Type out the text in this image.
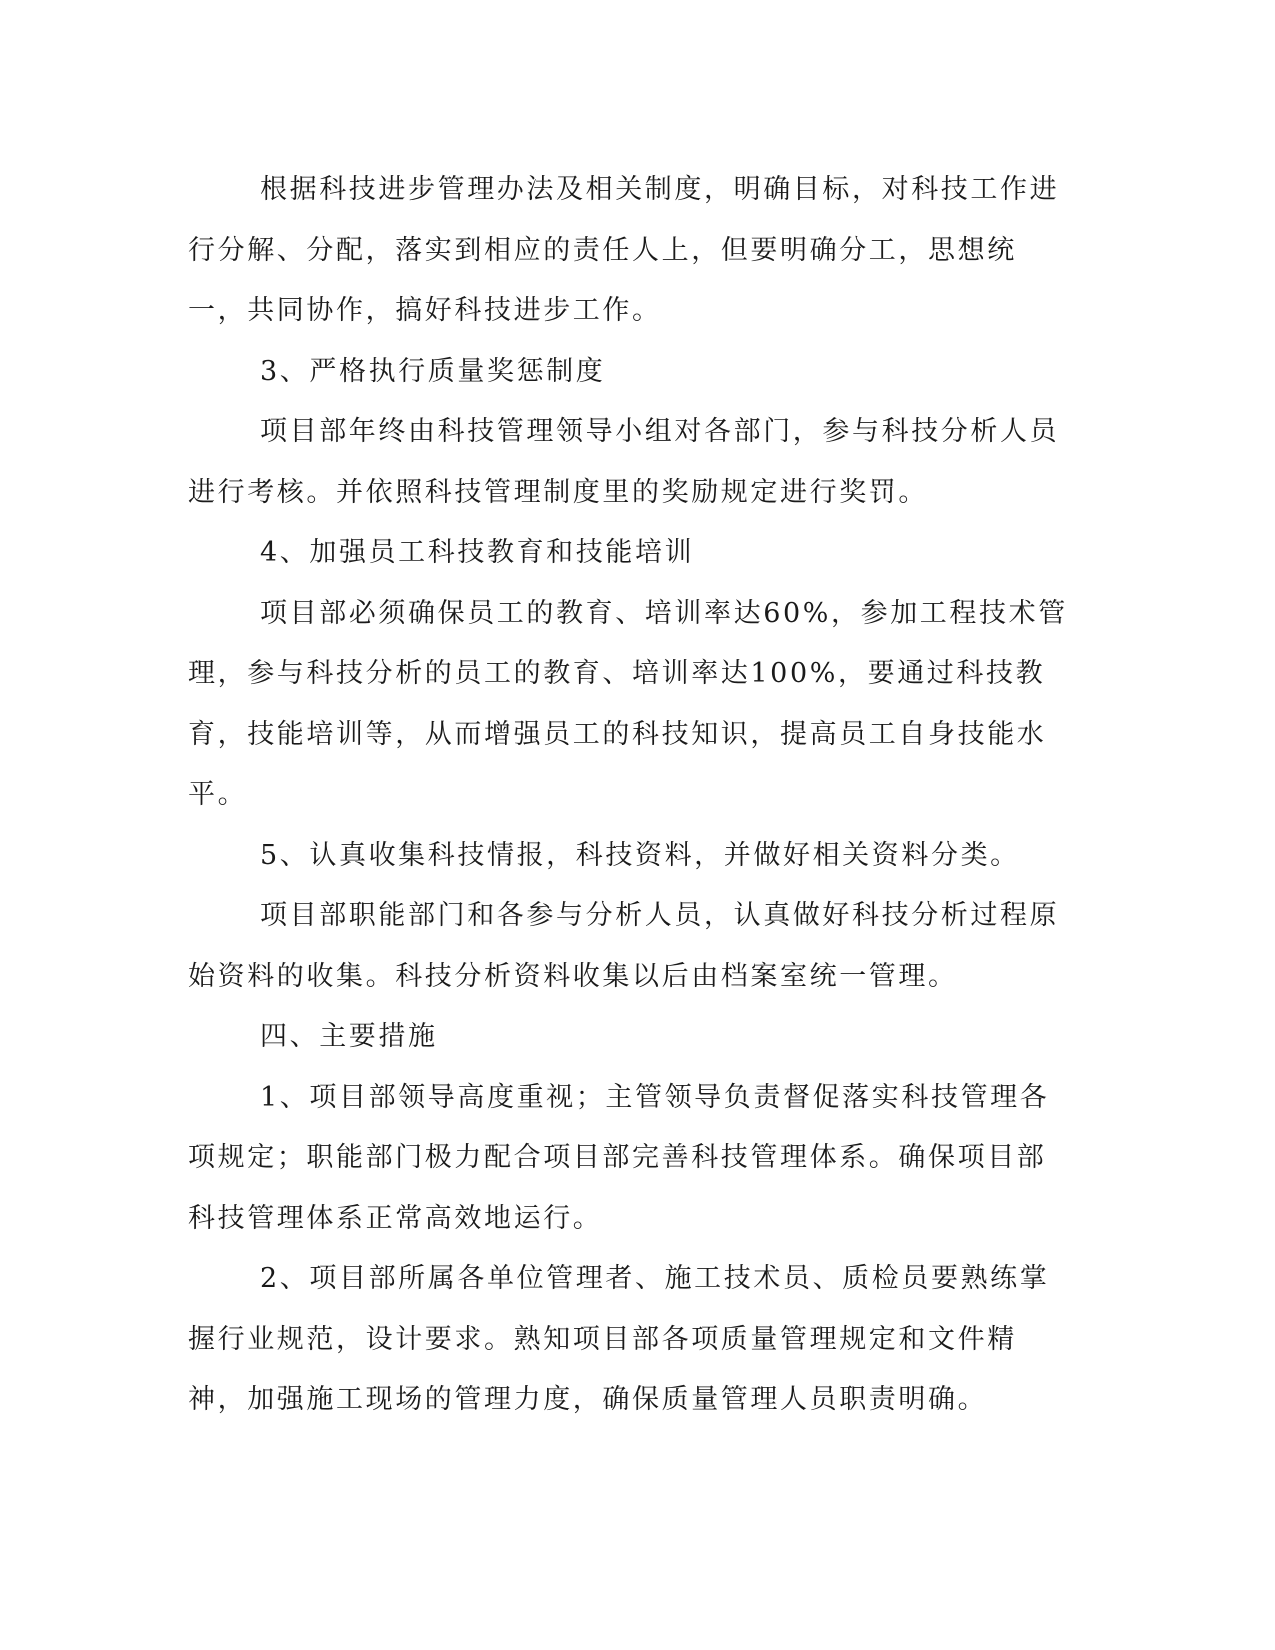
根据科技进步管理办法及相关制度，明确目标，对科技工作进行分解、分配，落实到相应的责任人上，但要明确分工，思想统一，共同协作，搞好科技进步工作。

3、严格执行质量奖惩制度

项目部年终由科技管理领导小组对各部门，参与科技分析人员进行考核。并依照科技管理制度里的奖励规定进行奖罚。

4、加强员工科技教育和技能培训

项目部必须确保员工的教育、培训率达60%，参加工程技术管理，参与科技分析的员工的教育、培训率达100%，要通过科技教育，技能培训等，从而增强员工的科技知识，提高员工自身技能水平。

5、认真收集科技情报，科技资料，并做好相关资料分类。

项目部职能部门和各参与分析人员，认真做好科技分析过程原始资料的收集。科技分析资料收集以后由档案室统一管理。

四、主要措施

1、项目部领导高度重视；主管领导负责督促落实科技管理各项规定；职能部门极力配合项目部完善科技管理体系。确保项目部科技管理体系正常高效地运行。

2、项目部所属各单位管理者、施工技术员、质检员要熟练掌握行业规范，设计要求。熟知项目部各项质量管理规定和文件精神，加强施工现场的管理力度，确保质量管理人员职责明确。
